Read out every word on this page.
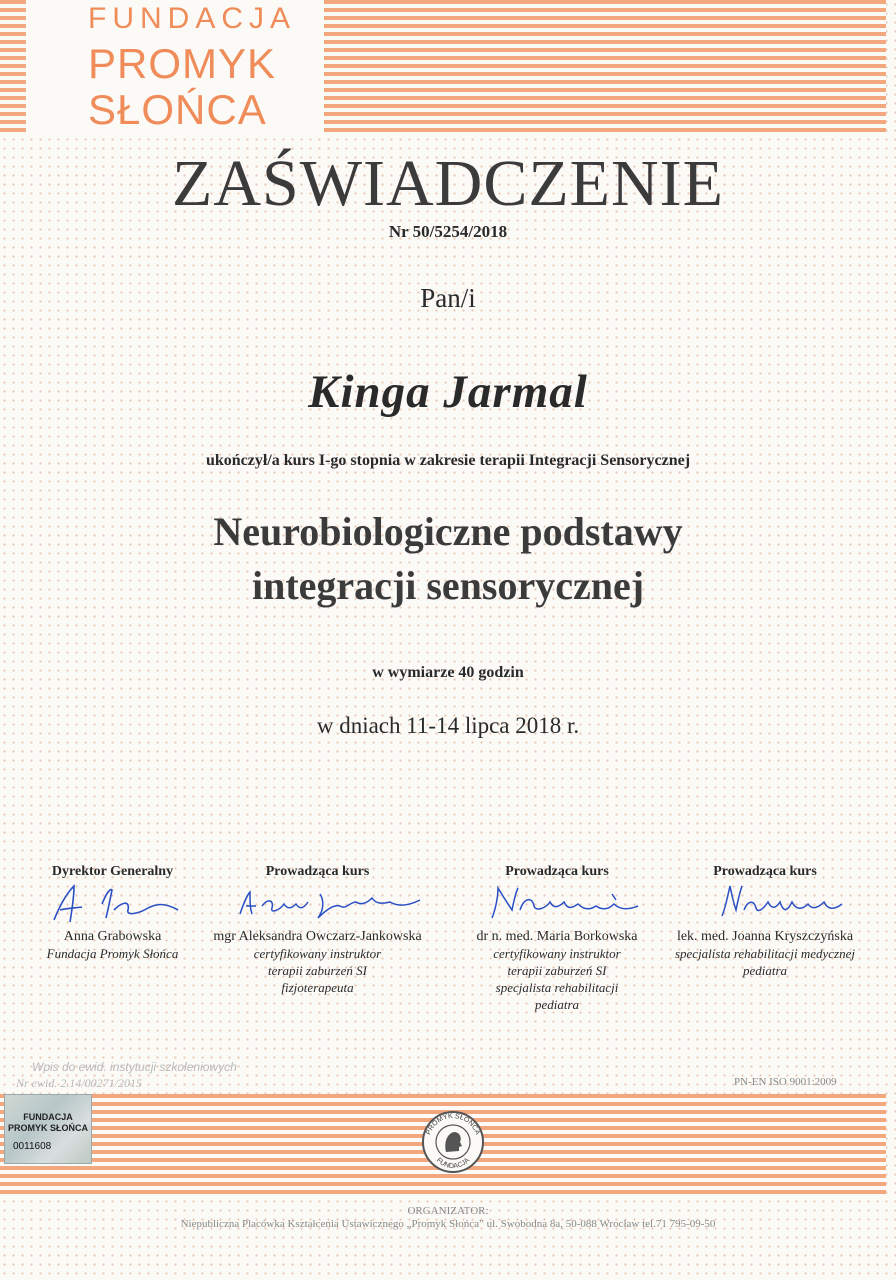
FUNDACJA
PROMYK
SŁOŃCA
ZAŚWIADCZENIE
Nr 50/5254/2018
Pan/i
Kinga Jarmal
ukończył/a kurs I-go stopnia w zakresie terapii Integracji Sensorycznej
Neurobiologiczne podstawy
integracji sensorycznej
w wymiarze 40 godzin
w dniach 11-14 lipca 2018 r.
Dyrektor Generalny
Anna Grabowska
Fundacja Promyk Słońca
Prowadząca kurs
mgr Aleksandra Owczarz-Jankowska
certyfikowany instruktor
terapii zaburzeń SI
fizjoterapeuta
Prowadząca kurs
dr n. med. Maria Borkowska
certyfikowany instruktor
terapii zaburzeń SI
specjalista rehabilitacji
pediatra
Prowadząca kurs
lek. med. Joanna Kryszczyńska
specjalista rehabilitacji medycznej
pediatra
Wpis do ewid. instytucji szkoleniowych
Nr ewid. 2.14/00271/2015	PN-EN ISO 9001:2009
FUNDACJA
PROMYK SŁOŃCA
0011608
PROMYK SŁOŃCA
FUNDACJA
ORGANIZATOR:
Niepubliczna Placówka Kształcenia Ustawicznego „Promyk Słońca” ul. Swobodna 8a, 50-088 Wrocław tel.71 795-09-50
